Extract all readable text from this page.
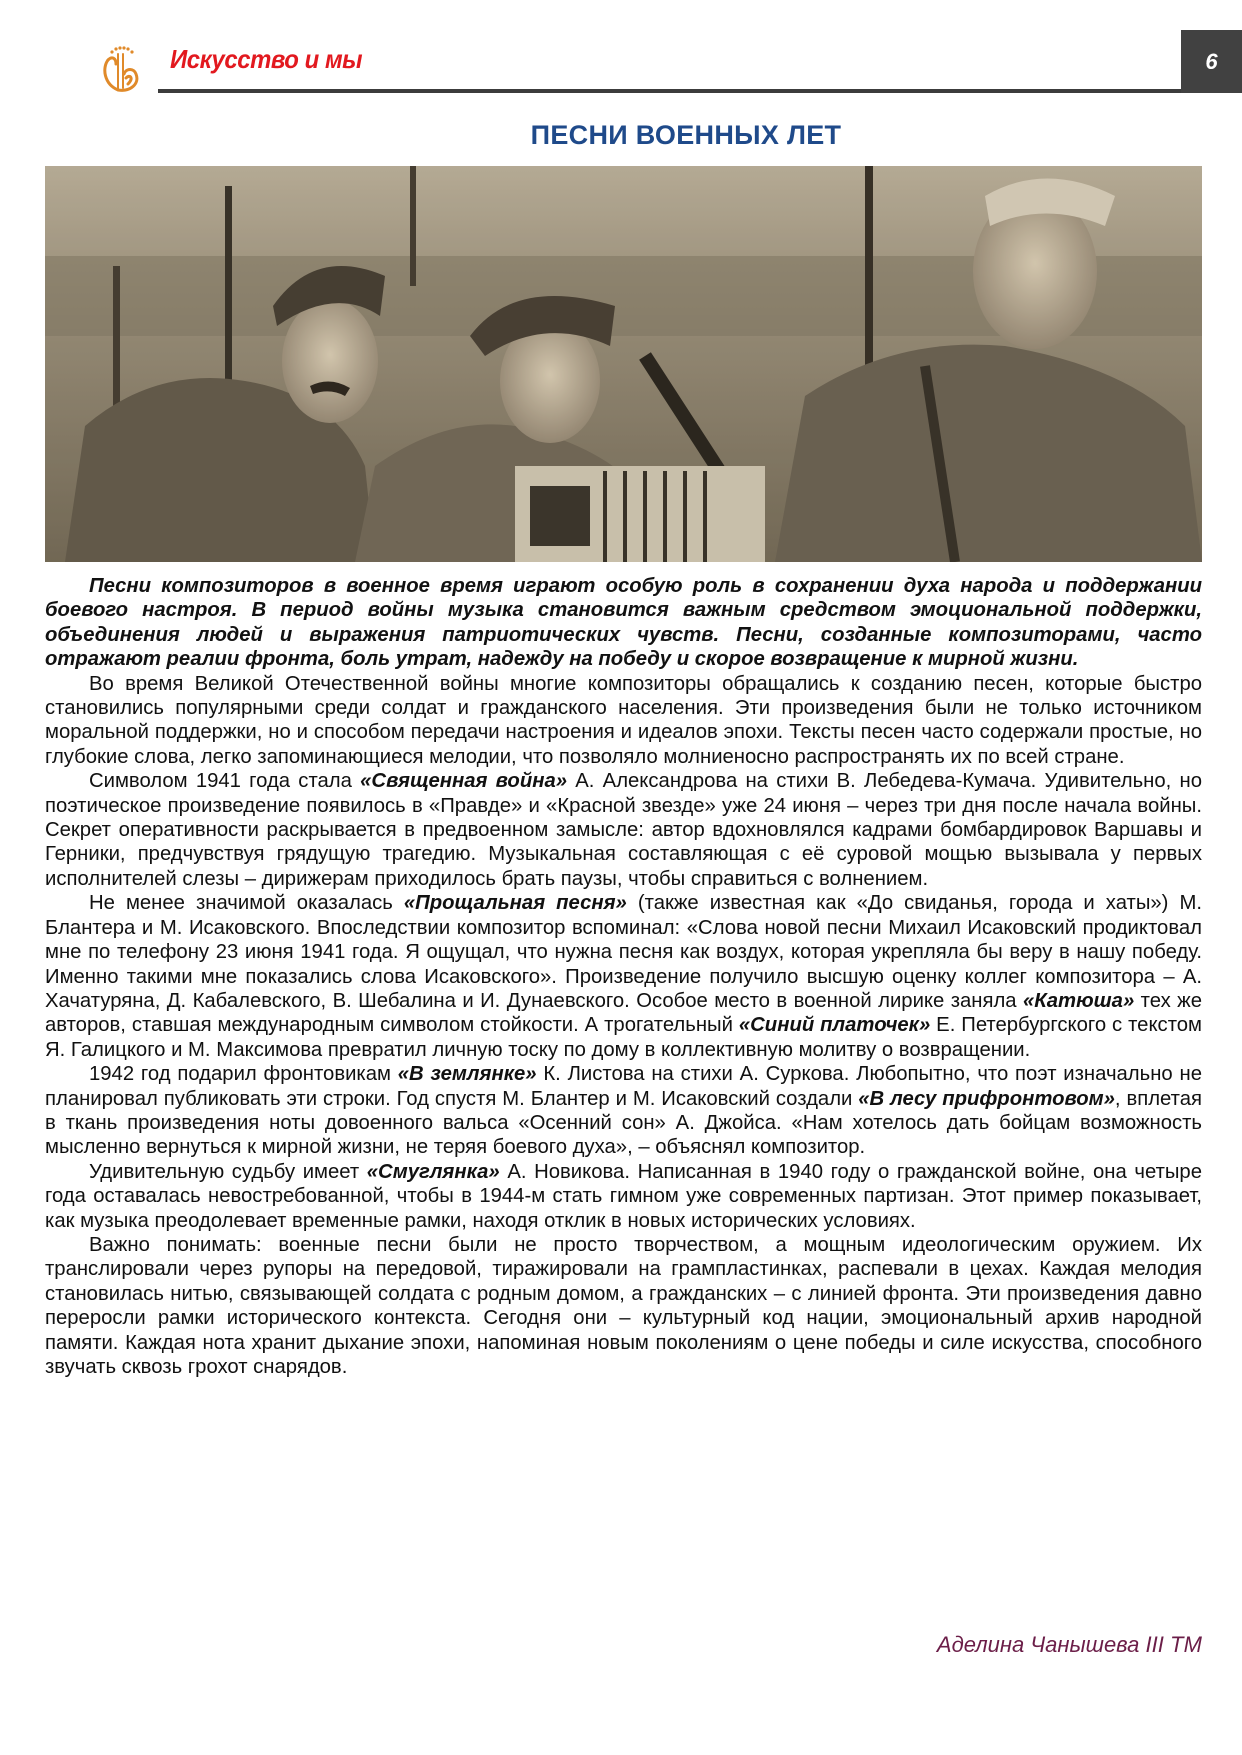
Искусство и мы	6
ПЕСНИ ВОЕННЫХ ЛЕТ

Песни композиторов в военное время играют особую роль в сохранении духа народа и поддержании боевого настроя. В период войны музыка становится важным средством эмоциональной поддержки, объединения людей и выражения патриотических чувств. Песни, созданные композиторами, часто отражают реалии фронта, боль утрат, надежду на победу и скорое возвращение к мирной жизни.

Во время Великой Отечественной войны многие композиторы обращались к созданию песен, которые быстро становились популярными среди солдат и гражданского населения. Эти произведения были не только источником моральной поддержки, но и способом передачи настроения и идеалов эпохи. Тексты песен часто содержали простые, но глубокие слова, легко запоминающиеся мелодии, что позволяло молниеносно распространять их по всей стране.

Символом 1941 года стала «Священная война» А. Александрова на стихи В. Лебедева-Кумача. Удивительно, но поэтическое произведение появилось в «Правде» и «Красной звезде» уже 24 июня – через три дня после начала войны. Секрет оперативности раскрывается в предвоенном замысле: автор вдохновлялся кадрами бомбардировок Варшавы и Герники, предчувствуя грядущую трагедию. Музыкальная составляющая с её суровой мощью вызывала у первых исполнителей слезы – дирижерам приходилось брать паузы, чтобы справиться с волнением.

Не менее значимой оказалась «Прощальная песня» (также известная как «До свиданья, города и хаты») М. Блантера и М. Исаковского. Впоследствии композитор вспоминал: «Слова новой песни Михаил Исаковский продиктовал мне по телефону 23 июня 1941 года. Я ощущал, что нужна песня как воздух, которая укрепляла бы веру в нашу победу. Именно такими мне показались слова Исаковского». Произведение получило высшую оценку коллег композитора – А. Хачатуряна, Д. Кабалевского, В. Шебалина и И. Дунаевского. Особое место в военной лирике заняла «Катюша» тех же авторов, ставшая международным символом стойкости. А трогательный «Синий платочек» Е. Петербургского с текстом Я. Галицкого и М. Максимова превратил личную тоску по дому в коллективную молитву о возвращении.

1942 год подарил фронтовикам «В землянке» К. Листова на стихи А. Суркова. Любопытно, что поэт изначально не планировал публиковать эти строки. Год спустя М. Блантер и М. Исаковский создали «В лесу прифронтовом», вплетая в ткань произведения ноты довоенного вальса «Осенний сон» А. Джойса. «Нам хотелось дать бойцам возможность мысленно вернуться к мирной жизни, не теряя боевого духа», – объяснял композитор.

Удивительную судьбу имеет «Смуглянка» А. Новикова. Написанная в 1940 году о гражданской войне, она четыре года оставалась невостребованной, чтобы в 1944-м стать гимном уже современных партизан. Этот пример показывает, как музыка преодолевает временные рамки, находя отклик в новых исторических условиях.

Важно понимать: военные песни были не просто творчеством, а мощным идеологическим оружием. Их транслировали через рупоры на передовой, тиражировали на грампластинках, распевали в цехах. Каждая мелодия становилась нитью, связывающей солдата с родным домом, а гражданских – с линией фронта. Эти произведения давно переросли рамки исторического контекста. Сегодня они – культурный код нации, эмоциональный архив народной памяти. Каждая нота хранит дыхание эпохи, напоминая новым поколениям о цене победы и силе искусства, способного звучать сквозь грохот снарядов.

Аделина Чанышева III ТМ
